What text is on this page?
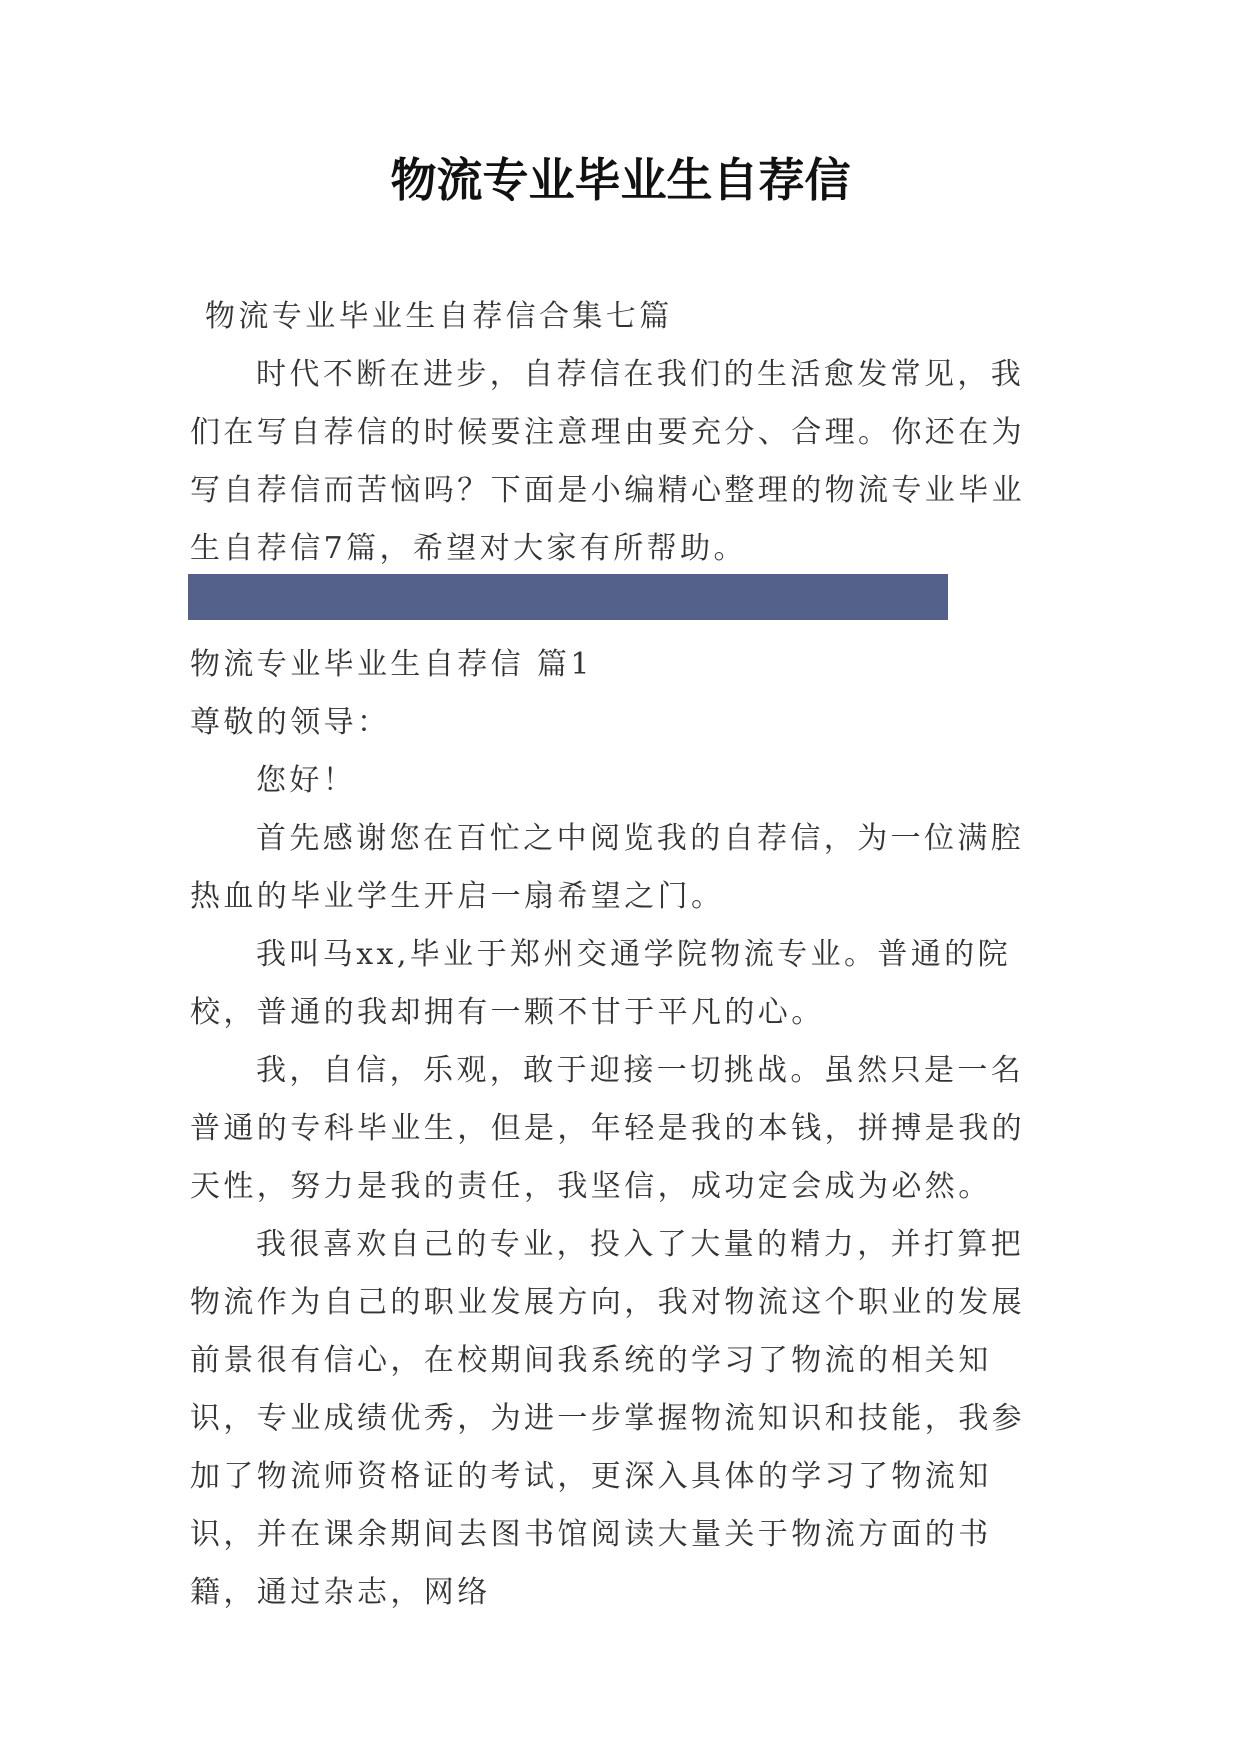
物流专业毕业生自荐信

物流专业毕业生自荐信合集七篇

时代不断在进步，自荐信在我们的生活愈发常见，我们在写自荐信的时候要注意理由要充分、合理。你还在为写自荐信而苦恼吗？下面是小编精心整理的物流专业毕业生自荐信7篇，希望对大家有所帮助。

物流专业毕业生自荐信 篇1

尊敬的领导：

您好！

首先感谢您在百忙之中阅览我的自荐信，为一位满腔热血的毕业学生开启一扇希望之门。

我叫马xx,毕业于郑州交通学院物流专业。普通的院校，普通的我却拥有一颗不甘于平凡的心。

我，自信，乐观，敢于迎接一切挑战。虽然只是一名普通的专科毕业生，但是，年轻是我的本钱，拼搏是我的天性，努力是我的责任，我坚信，成功定会成为必然。

我很喜欢自己的专业，投入了大量的精力，并打算把物流作为自己的职业发展方向，我对物流这个职业的发展前景很有信心，在校期间我系统的学习了物流的相关知识，专业成绩优秀，为进一步掌握物流知识和技能，我参加了物流师资格证的考试，更深入具体的学习了物流知识，并在课余期间去图书馆阅读大量关于物流方面的书籍，通过杂志，网络
